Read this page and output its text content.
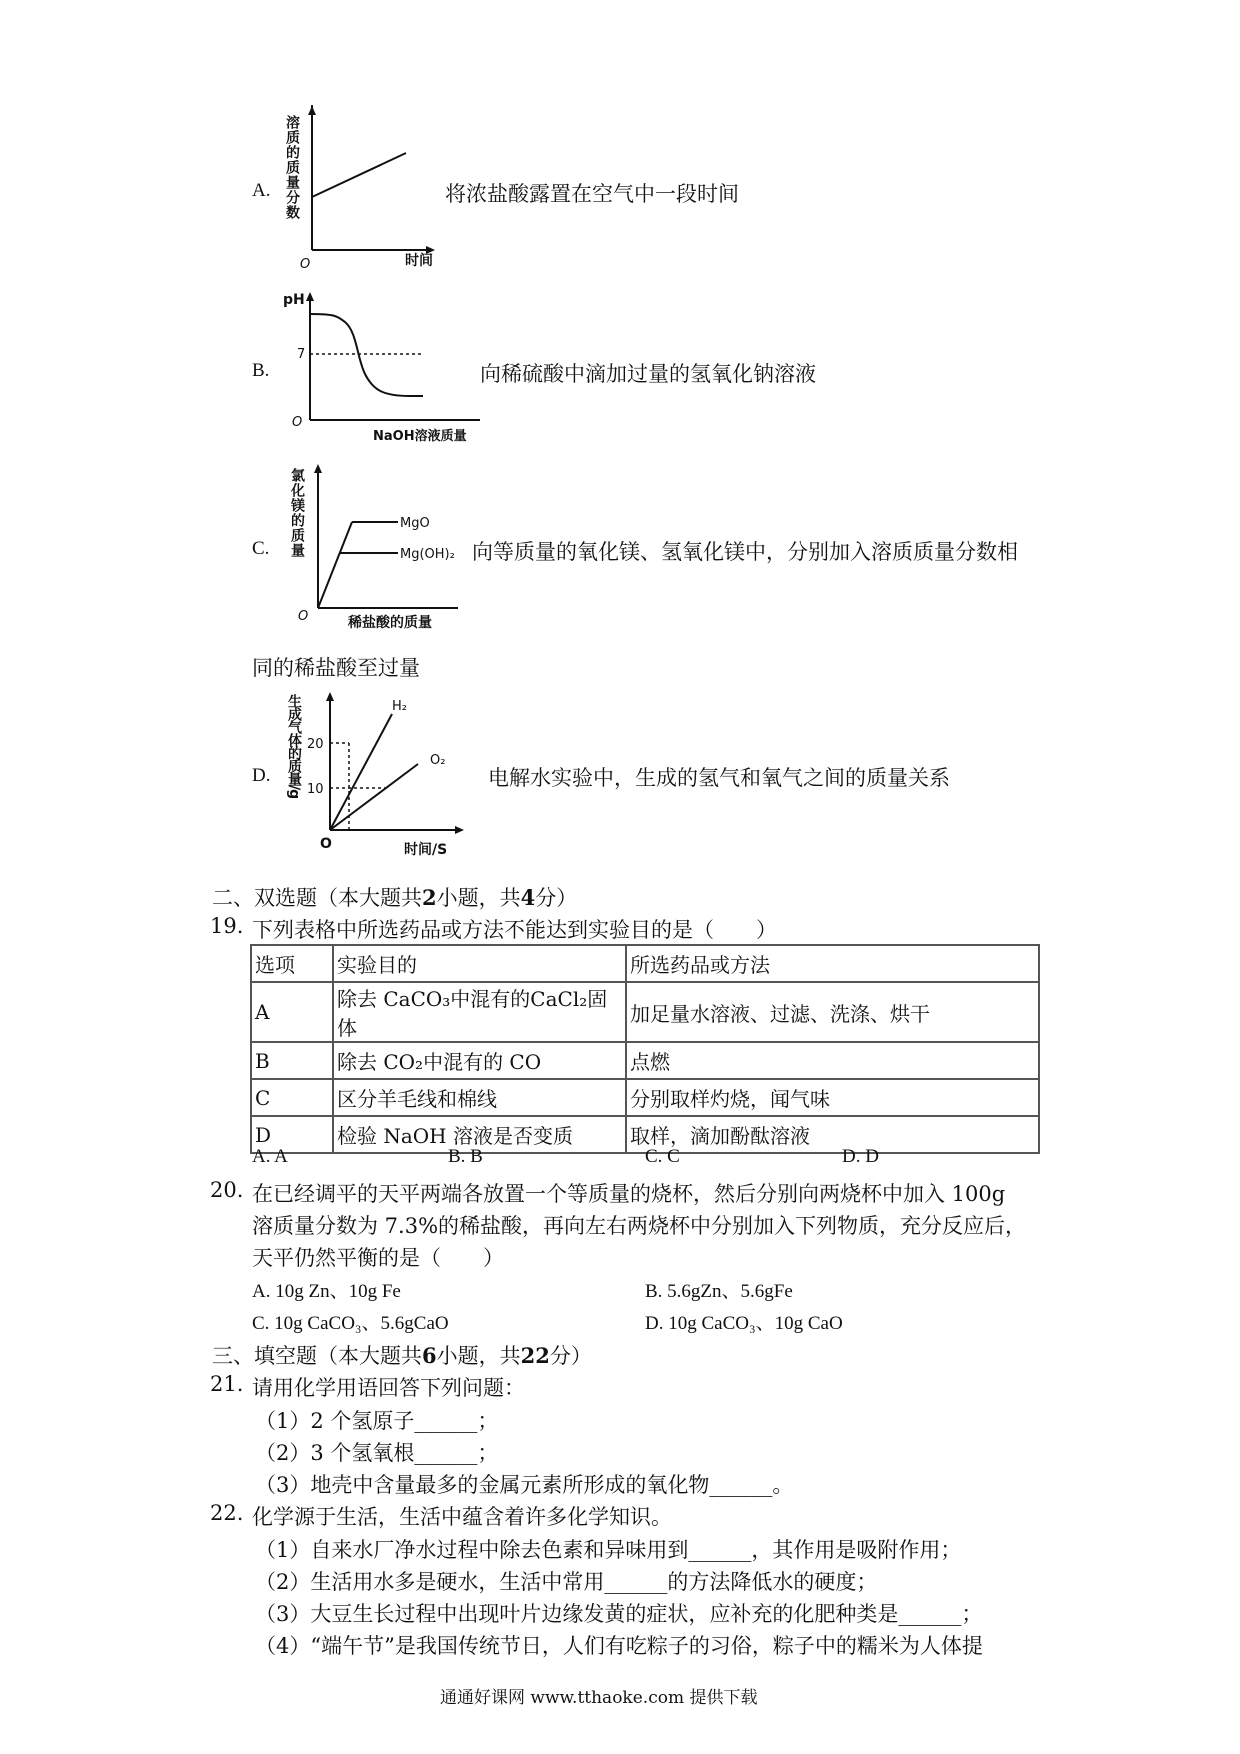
A.
O	时间
溶质的质量分数	将浓盐酸露置在空气中一段时间
B.
pH
7
O
NaOH溶液质量
向稀硫酸中滴加过量的氢氧化钠溶液
C.
MgO
Mg(OH)₂
O	稀盐酸的质量
氯化镁的质量	向等质量的氧化镁、氢氧化镁中，分别加入溶质质量分数相
同的稀盐酸至过量
D.
20
10
H₂
O₂
O	时间/S
生成气体的质量/g	电解水实验中，生成的氢气和氧气之间的质量关系
二、双选题（本大题共2小题，共4分）
19. 下列表格中所选药品或方法不能达到实验目的是（　　）
选项	实验目的	所选药品或方法
A	除去 CaCO₃中混有的CaCl₂固体	加足量水溶液、过滤、洗涤、烘干
B	除去 CO₂中混有的 CO	点燃
C	区分羊毛线和棉线	分别取样灼烧，闻气味
D	检验 NaOH 溶液是否变质	取样，滴加酚酞溶液
A. A	B. B	C. C	D. D
20. 在已经调平的天平两端各放置一个等质量的烧杯，然后分别向两烧杯中加入 100g
溶质量分数为 7.3%的稀盐酸，再向左右两烧杯中分别加入下列物质，充分反应后，
天平仍然平衡的是（　　）
A. 10g Zn、10g Fe	B. 5.6gZn、5.6gFe
C. 10g CaCO₃、5.6gCaO	D. 10g CaCO₃、10g CaO
三、填空题（本大题共6小题，共22分）
21. 请用化学用语回答下列问题：
（1）2 个氢原子______；
（2）3 个氢氧根______；
（3）地壳中含量最多的金属元素所形成的氧化物______。
22. 化学源于生活，生活中蕴含着许多化学知识。
（1）自来水厂净水过程中除去色素和异味用到______，其作用是吸附作用；
（2）生活用水多是硬水，生活中常用______的方法降低水的硬度；
（3）大豆生长过程中出现叶片边缘发黄的症状，应补充的化肥种类是______；
（4）“端午节”是我国传统节日，人们有吃粽子的习俗，粽子中的糯米为人体提
通通好课网 www.tthaoke.com 提供下载
